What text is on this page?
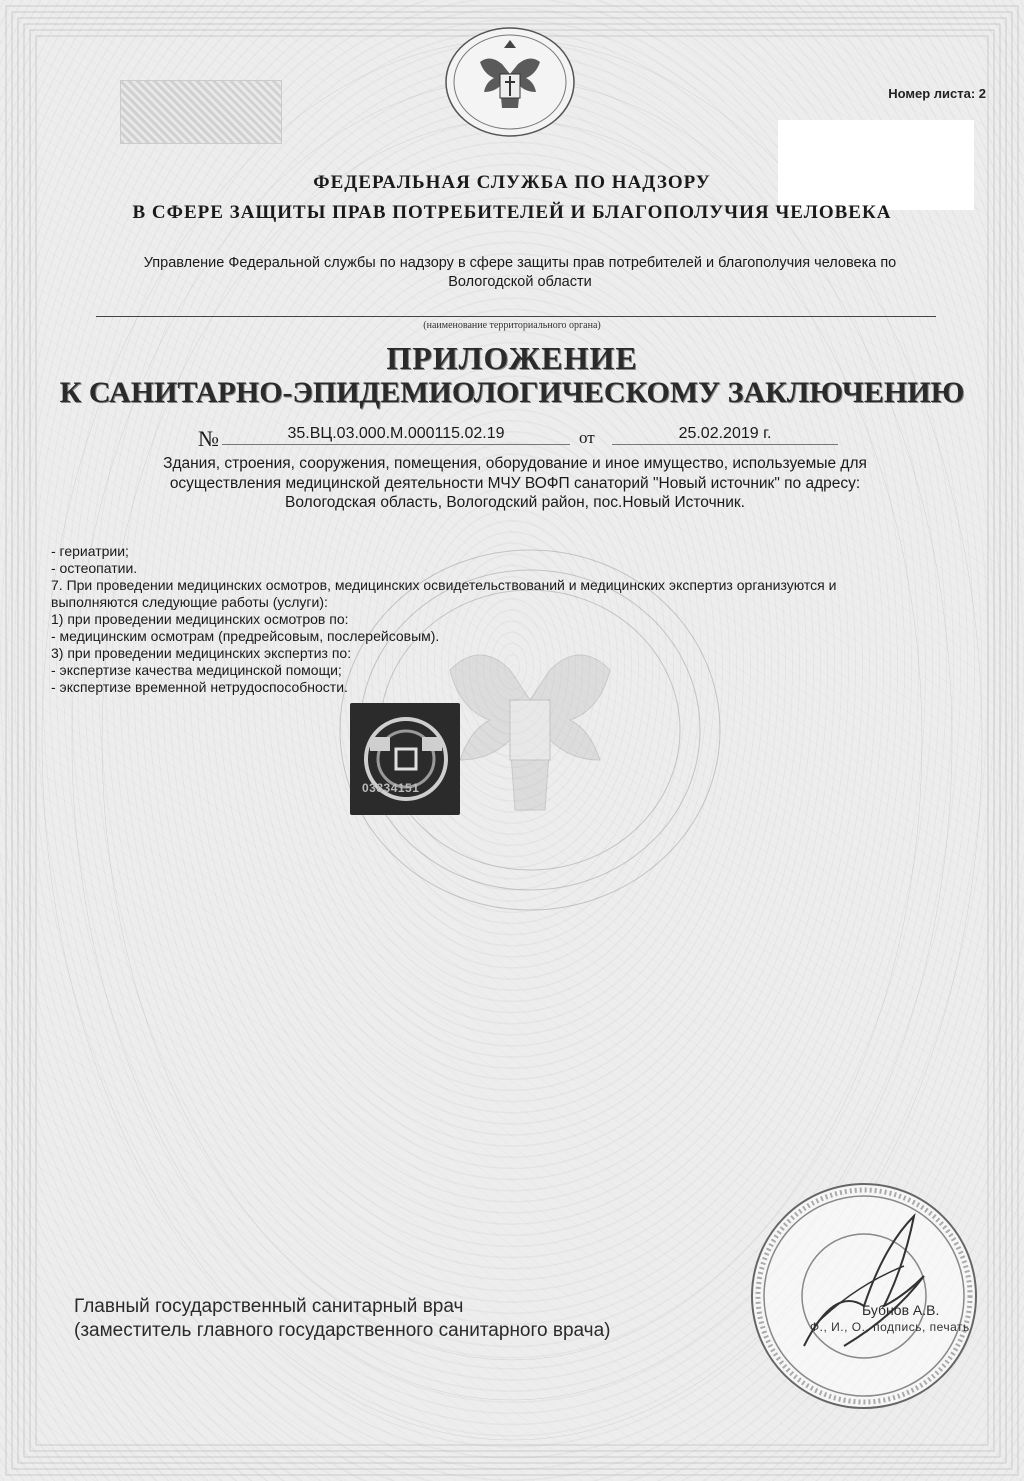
Номер листа: 2
ФЕДЕРАЛЬНАЯ СЛУЖБА ПО НАДЗОРУ
В СФЕРЕ ЗАЩИТЫ ПРАВ ПОТРЕБИТЕЛЕЙ И БЛАГОПОЛУЧИЯ ЧЕЛОВЕКА
Управление Федеральной службы по надзору в сфере защиты прав потребителей и благополучия человека по
Вологодской области
(наименование территориального органа)
ПРИЛОЖЕНИЕ
К САНИТАРНО-ЭПИДЕМИОЛОГИЧЕСКОМУ ЗАКЛЮЧЕНИЮ
№	35.ВЦ.03.000.М.000115.02.19	от	25.02.2019 г.
Здания, строения, сооружения, помещения, оборудование и иное имущество, используемые для
осуществления медицинской деятельности МЧУ ВОФП санаторий "Новый источник" по адресу:
Вологодская область, Вологодский район, пос.Новый Источник.
- гериатрии;
- остеопатии.
7. При проведении медицинских осмотров, медицинских освидетельствований и медицинских экспертиз организуются и
выполняются следующие работы (услуги):
1) при проведении медицинских осмотров по:
- медицинским осмотрам (предрейсовым, послерейсовым).
3) при проведении медицинских экспертиз по:
- экспертизе качества медицинской помощи;
- экспертизе временной нетрудоспособности.
03834151
Главный государственный санитарный врач
(заместитель главного государственного санитарного врача)
Бубнов А.В.
Ф., И., О., подпись, печать
